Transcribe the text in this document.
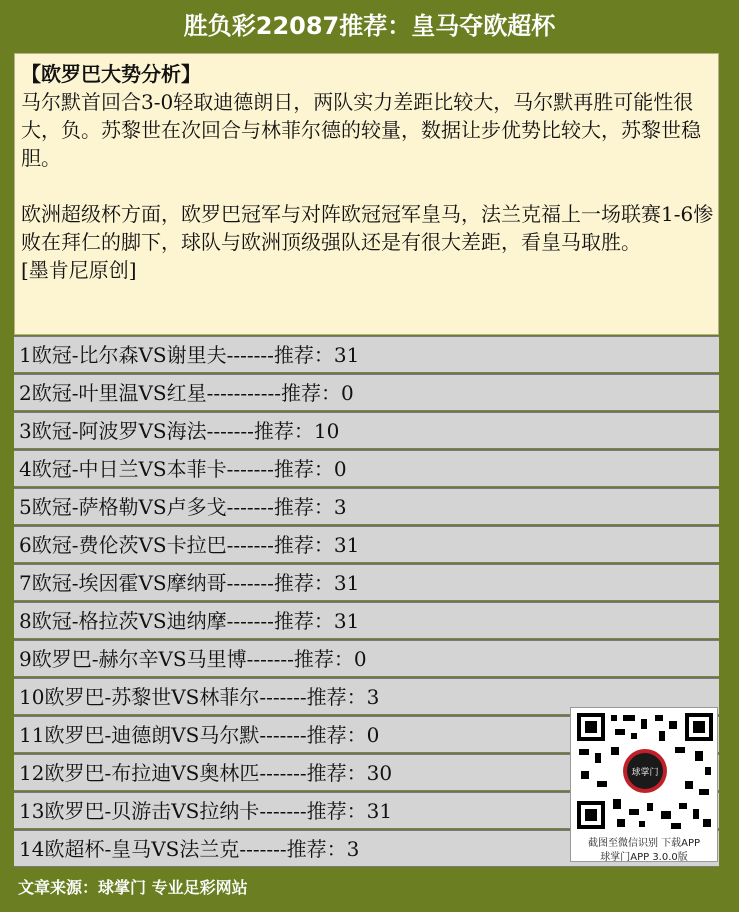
胜负彩22087推荐：皇马夺欧超杯

【欧罗巴大势分析】

马尔默首回合3-0轻取迪德朗日，两队实力差距比较大，马尔默再胜可能性很大，负。苏黎世在次回合与林菲尔德的较量，数据让步优势比较大，苏黎世稳胆。

欧洲超级杯方面，欧罗巴冠军与对阵欧冠冠军皇马，法兰克福上一场联赛1-6惨败在拜仁的脚下，球队与欧洲顶级强队还是有很大差距，看皇马取胜。

[墨肯尼原创]

1欧冠-比尔森VS谢里夫-------推荐：31
2欧冠-叶里温VS红星-----------推荐：0
3欧冠-阿波罗VS海法-------推荐：10
4欧冠-中日兰VS本菲卡-------推荐：0
5欧冠-萨格勒VS卢多戈-------推荐：3
6欧冠-费伦茨VS卡拉巴-------推荐：31
7欧冠-埃因霍VS摩纳哥-------推荐：31
8欧冠-格拉茨VS迪纳摩-------推荐：31
9欧罗巴-赫尔辛VS马里博-------推荐：0
10欧罗巴-苏黎世VS林菲尔-------推荐：3
11欧罗巴-迪德朗VS马尔默-------推荐：0
12欧罗巴-布拉迪VS奥林匹-------推荐：30
13欧罗巴-贝游击VS拉纳卡-------推荐：31
14欧超杯-皇马VS法兰克-------推荐：3
球掌门
截图至微信识别 下载APP
球掌门APP 3.0.0版
文章来源：球掌门 专业足彩网站
